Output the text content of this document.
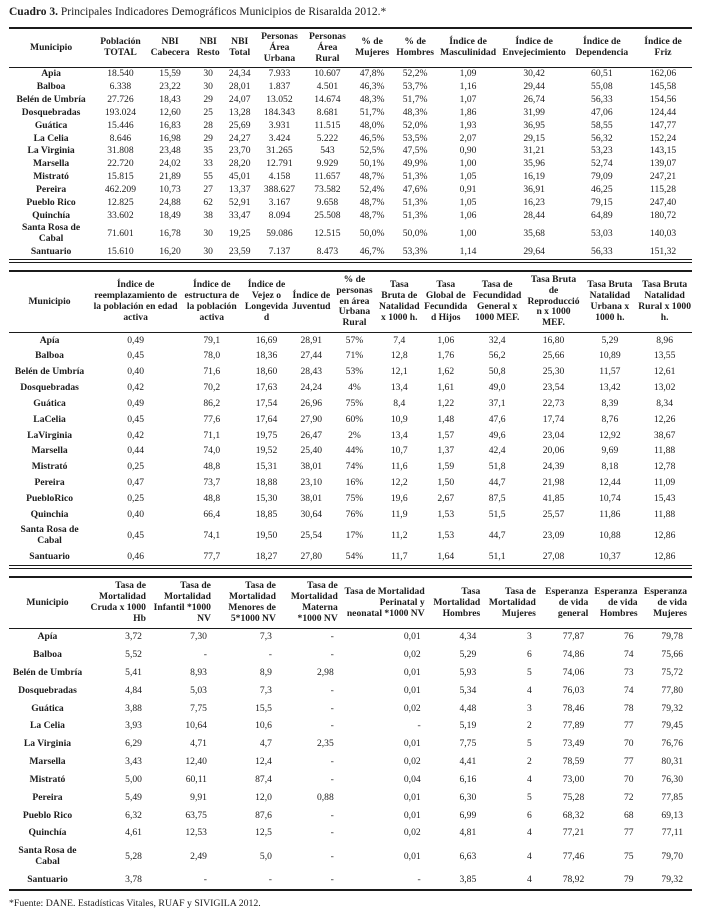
Cuadro 3. Principales Indicadores Demográficos Municipios de Risaralda 2012.*

Municipio	Población TOTAL	NBI Cabecera	NBI Resto	NBI Total	Personas Área Urbana	Personas Área Rural	% de Mujeres	% de Hombres	Índice de Masculinidad	Índice de Envejecimiento	Índice de Dependencia	Índice de Friz
Apia	18.540	15,59	30	24,34	7.933	10.607	47,8%	52,2%	1,09	30,42	60,51	162,06
Balboa	6.338	23,22	30	28,01	1.837	4.501	46,3%	53,7%	1,16	29,44	55,08	145,58
Belén de Umbría	27.726	18,43	29	24,07	13.052	14.674	48,3%	51,7%	1,07	26,74	56,33	154,56
Dosquebradas	193.024	12,60	25	13,28	184.343	8.681	51,7%	48,3%	1,86	31,99	47,06	124,44
Guática	15.446	16,83	28	25,69	3.931	11.515	48,0%	52,0%	1,93	36,95	58,55	147,77
La Celia	8.646	16,98	29	24,27	3.424	5.222	46,5%	53,5%	2,07	29,15	56,32	152,24
La Virginia	31.808	23,48	35	23,70	31.265	543	52,5%	47,5%	0,90	31,21	53,23	143,15
Marsella	22.720	24,02	33	28,20	12.791	9.929	50,1%	49,9%	1,00	35,96	52,74	139,07
Mistrató	15.815	21,89	55	45,01	4.158	11.657	48,7%	51,3%	1,05	16,19	79,09	247,21
Pereira	462.209	10,73	27	13,37	388.627	73.582	52,4%	47,6%	0,91	36,91	46,25	115,28
Pueblo Rico	12.825	24,88	62	52,91	3.167	9.658	48,7%	51,3%	1,05	16,23	79,15	247,40
Quinchía	33.602	18,49	38	33,47	8.094	25.508	48,7%	51,3%	1,06	28,44	64,89	180,72
Santa Rosa de Cabal	71.601	16,78	30	19,25	59.086	12.515	50,0%	50,0%	1,00	35,68	53,03	140,03
Santuario	15.610	16,20	30	23,59	7.137	8.473	46,7%	53,3%	1,14	29,64	56,33	151,32
Municipio	Índice de reemplazamiento de la población en edad activa	Índice de estructura de la población activa	Índice de Vejez o Longevidad	Índice de Juventud	% de personas en área Urbana Rural	Tasa Bruta de Natalidad x 1000 h.	Tasa Global de Fecundidad Hijos	Tasa de Fecundidad General x 1000 MEF.	Tasa Bruta de Reproducción x 1000 MEF.	Tasa Bruta Natalidad Urbana x 1000 h.	Tasa Bruta Natalidad Rural x 1000 h.
Apía	0,49	79,1	16,69	28,91	57%	7,4	1,06	32,4	16,80	5,29	8,96
Balboa	0,45	78,0	18,36	27,44	71%	12,8	1,76	56,2	25,66	10,89	13,55
Belén de Umbría	0,40	71,6	18,60	28,43	53%	12,1	1,62	50,8	25,30	11,57	12,61
Dosquebradas	0,42	70,2	17,63	24,24	4%	13,4	1,61	49,0	23,54	13,42	13,02
Guática	0,49	86,2	17,54	26,96	75%	8,4	1,22	37,1	22,73	8,39	8,34
LaCelia	0,45	77,6	17,64	27,90	60%	10,9	1,48	47,6	17,74	8,76	12,26
LaVirginia	0,42	71,1	19,75	26,47	2%	13,4	1,57	49,6	23,04	12,92	38,67
Marsella	0,44	74,0	19,52	25,40	44%	10,7	1,37	42,4	20,06	9,69	11,88
Mistrató	0,25	48,8	15,31	38,01	74%	11,6	1,59	51,8	24,39	8,18	12,78
Pereira	0,47	73,7	18,88	23,10	16%	12,2	1,50	44,7	21,98	12,44	11,09
PuebloRico	0,25	48,8	15,30	38,01	75%	19,6	2,67	87,5	41,85	10,74	15,43
Quinchia	0,40	66,4	18,85	30,64	76%	11,9	1,53	51,5	25,57	11,86	11,88
Santa Rosa de Cabal	0,45	74,1	19,50	25,54	17%	11,2	1,53	44,7	23,09	10,88	12,86
Santuario	0,46	77,7	18,27	27,80	54%	11,7	1,64	51,1	27,08	10,37	12,86
Municipio	Tasa de Mortalidad Cruda x 1000 Hb	Tasa de Mortalidad Infantil *1000 NV	Tasa de Mortalidad Menores de 5*1000 NV	Tasa de Mortalidad Materna *1000 NV	Tasa de Mortalidad Perinatal y neonatal *1000 NV	Tasa Mortalidad Hombres	Tasa de Mortalidad Mujeres	Esperanza de vida general	Esperanza de vida Hombres	Esperanza de vida Mujeres
Apía	3,72	7,30	7,3	-	0,01	4,34	3	77,87	76	79,78
Balboa	5,52	-	-	-	0,02	5,29	6	74,86	74	75,66
Belén de Umbría	5,41	8,93	8,9	2,98	0,01	5,93	5	74,06	73	75,72
Dosquebradas	4,84	5,03	7,3	-	0,01	5,34	4	76,03	74	77,80
Guática	3,88	7,75	15,5	-	0,02	4,48	3	78,46	78	79,32
La Celia	3,93	10,64	10,6	-	-	5,19	2	77,89	77	79,45
La Virginia	6,29	4,71	4,7	2,35	0,01	7,75	5	73,49	70	76,76
Marsella	3,43	12,40	12,4	-	0,02	4,41	2	78,59	77	80,31
Mistrató	5,00	60,11	87,4	-	0,04	6,16	4	73,00	70	76,30
Pereira	5,49	9,91	12,0	0,88	0,01	6,30	5	75,28	72	77,85
Pueblo Rico	6,32	63,75	87,6	-	0,01	6,99	6	68,32	68	69,13
Quinchía	4,61	12,53	12,5	-	0,02	4,81	4	77,21	77	77,11
Santa Rosa de Cabal	5,28	2,49	5,0	-	0,01	6,63	4	77,46	75	79,70
Santuario	3,78	-	-	-	-	3,85	4	78,92	79	79,32

*Fuente: DANE. Estadísticas Vitales, RUAF y SIVIGILA 2012.
